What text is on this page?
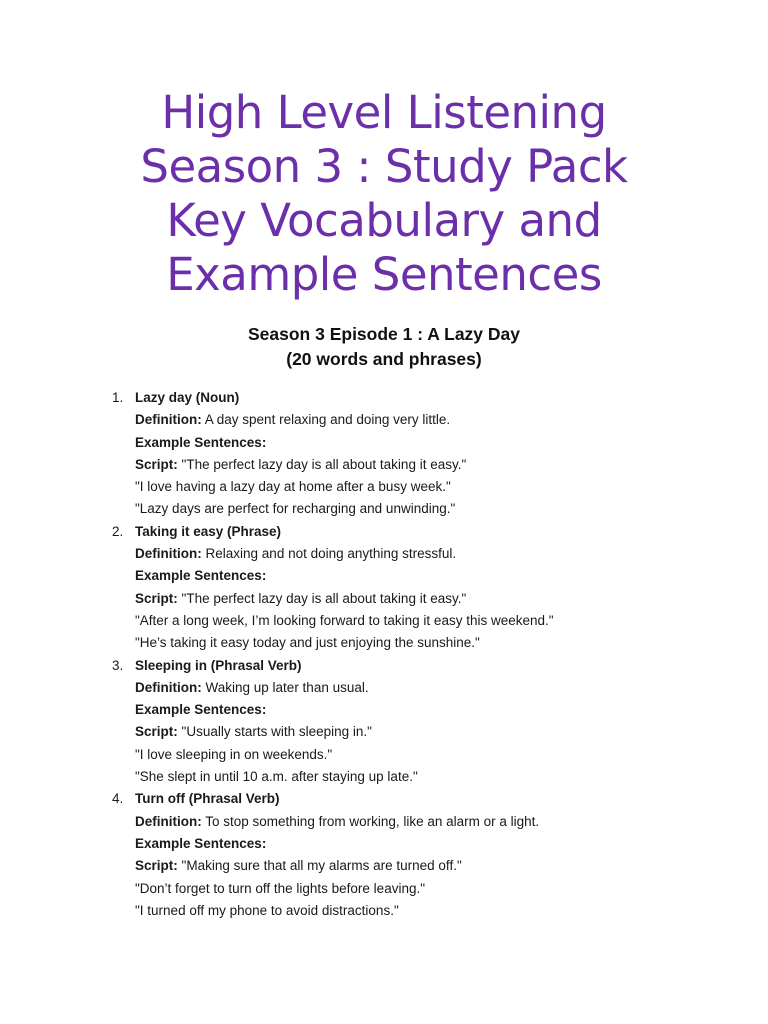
High Level Listening
Season 3 : Study Pack
Key Vocabulary and
Example Sentences
Season 3 Episode 1 : A Lazy Day
(20 words and phrases)
1. Lazy day (Noun)
Definition: A day spent relaxing and doing very little.
Example Sentences:
Script: "The perfect lazy day is all about taking it easy."
"I love having a lazy day at home after a busy week."
"Lazy days are perfect for recharging and unwinding."
2. Taking it easy (Phrase)
Definition: Relaxing and not doing anything stressful.
Example Sentences:
Script: "The perfect lazy day is all about taking it easy."
"After a long week, I’m looking forward to taking it easy this weekend."
"He’s taking it easy today and just enjoying the sunshine."
3. Sleeping in (Phrasal Verb)
Definition: Waking up later than usual.
Example Sentences:
Script: "Usually starts with sleeping in."
"I love sleeping in on weekends."
"She slept in until 10 a.m. after staying up late."
4. Turn off (Phrasal Verb)
Definition: To stop something from working, like an alarm or a light.
Example Sentences:
Script: "Making sure that all my alarms are turned off."
"Don’t forget to turn off the lights before leaving."
"I turned off my phone to avoid distractions."
